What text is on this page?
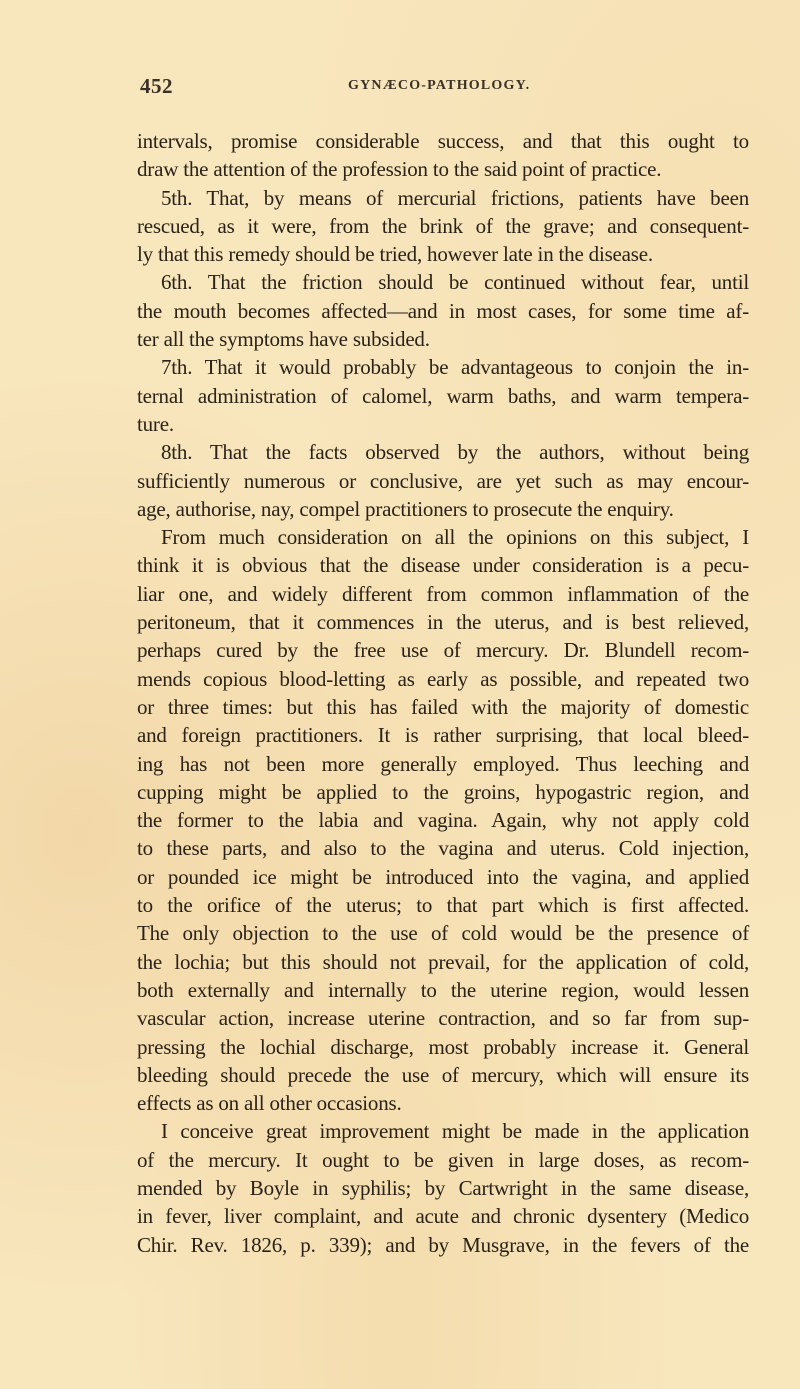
452	GYNÆCO-PATHOLOGY.
intervals, promise considerable success, and that this ought to
draw the attention of the profession to the said point of practice.
5th. That, by means of mercurial frictions, patients have been
rescued, as it were, from the brink of the grave; and consequent-
ly that this remedy should be tried, however late in the disease.
6th. That the friction should be continued without fear, until
the mouth becomes affected—and in most cases, for some time af-
ter all the symptoms have subsided.
7th. That it would probably be advantageous to conjoin the in-
ternal administration of calomel, warm baths, and warm tempera-
ture.
8th. That the facts observed by the authors, without being
sufficiently numerous or conclusive, are yet such as may encour-
age, authorise, nay, compel practitioners to prosecute the enquiry.
From much consideration on all the opinions on this subject, I
think it is obvious that the disease under consideration is a pecu-
liar one, and widely different from common inflammation of the
peritoneum, that it commences in the uterus, and is best relieved,
perhaps cured by the free use of mercury. Dr. Blundell recom-
mends copious blood-letting as early as possible, and repeated two
or three times: but this has failed with the majority of domestic
and foreign practitioners. It is rather surprising, that local bleed-
ing has not been more generally employed. Thus leeching and
cupping might be applied to the groins, hypogastric region, and
the former to the labia and vagina. Again, why not apply cold
to these parts, and also to the vagina and uterus. Cold injection,
or pounded ice might be introduced into the vagina, and applied
to the orifice of the uterus; to that part which is first affected.
The only objection to the use of cold would be the presence of
the lochia; but this should not prevail, for the application of cold,
both externally and internally to the uterine region, would lessen
vascular action, increase uterine contraction, and so far from sup-
pressing the lochial discharge, most probably increase it. General
bleeding should precede the use of mercury, which will ensure its
effects as on all other occasions.
I conceive great improvement might be made in the application
of the mercury. It ought to be given in large doses, as recom-
mended by Boyle in syphilis; by Cartwright in the same disease,
in fever, liver complaint, and acute and chronic dysentery (Medico
Chir. Rev. 1826, p. 339); and by Musgrave, in the fevers of the
